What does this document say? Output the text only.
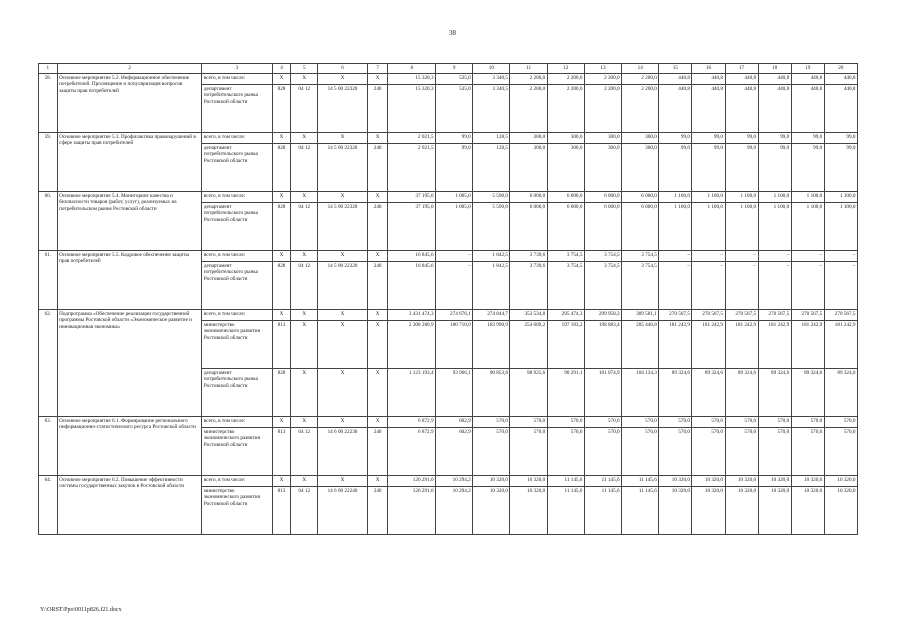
38
1	2	3	4	5	6	7	8	9	10	11	12	13	14	15	16	17	18	19	20
58.	Основное мероприятие 5.2. Информационное обеспечение потребителей. Просвещение и популяризация вопросов защиты прав потребителей	всего, в том числе:	X	X	X	X	15 320,3	535,0	3 340,5	2 200,0	2 200,0	2 200,0	2 200,0	440,8	440,8	440,8	440,8	440,8	440,8
		департамент потребительского рынка Ростовской области	828	04 12	14 5 00 22320	240	15 320,3	535,0	3 340,5	2 200,0	2 200,0	2 200,0	2 200,0	440,8	440,8	440,8	440,8	440,8	440,8
59.	Основное мероприятие 5.3. Профилактика правонарушений в сфере защиты прав потребителей	всего, в том числе:	X	X	X	X	2 021,5	99,0	128,5	300,0	300,0	300,0	300,0	99,0	99,0	99,0	99,0	99,0	99,0
		департамент потребительского рынка Ростовской области	828	04 12	14 5 00 22320	240	2 021,5	99,0	128,5	300,0	300,0	300,0	300,0	99,0	99,0	99,0	99,0	99,0	99,0
60.	Основное мероприятие 5.4. Мониторинг качества и безопасности товаров (работ, услуг), реализуемых на потребительском рынке Ростовской области	всего, в том числе:	X	X	X	X	37 195,0	1 005,0	5 590,0	6 000,0	6 000,0	6 000,0	6 000,0	1 100,0	1 100,0	1 100,0	1 100,0	1 100,0	1 100,0
		департамент потребительского рынка Ростовской области	828	04 12	14 5 00 22320	240	37 195,0	1 005,0	5 590,0	6 000,0	6 000,0	6 000,0	6 000,0	1 100,0	1 100,0	1 100,0	1 100,0	1 100,0	1 100,0
61.	Основное мероприятие 5.5. Кадровое обеспечение защиты прав потребителей	всего, в том числе:	X	X	X	X	16 845,6	–	1 842,5	3 739,6	3 754,5	3 754,5	3 754,5	–	–	–	–	–	–
		департамент потребительского рынка Ростовской области	828	04 12	14 5 00 22320	240	16 845,6	–	1 842,5	3 739,6	3 754,5	3 754,5	3 754,5	–	–	–	–	–	–
62.	Подпрограмма «Обеспечение реализации государственной программы Ростовской области «Экономическое развитие и инновационная экономика»	всего, в том числе:	X	X	X	X	3 431 474,3	274 676,1	274 844,7	353 534,8	295 474,3	299 958,3	309 581,1	270 567,5	270 567,5	270 567,5	270 567,5	270 567,5	270 567,5
		министерство экономического развития Ростовской области	813	X	X	X	2 308 280,9	180 710,0	183 990,9	254 609,2	197 183,2	198 883,4	205 446,8	181 242,9	181 242,9	181 242,9	181 242,9	181 242,9	181 242,9
		департамент потребительского рынка Ростовской области	828	X	X	X	1 123 193,4	93 966,1	90 853,8	98 925,6	98 291,1	101 074,9	104 134,3	89 324,6	89 324,6	89 324,6	89 324,6	89 324,6	89 324,6
63.	Основное мероприятие 6.1. Формирование регионального информационно-статистического ресурса Ростовской области	всего, в том числе:	X	X	X	X	6 872,9	602,9	570,0	570,0	570,0	570,0	570,0	570,0	570,0	570,0	570,0	570,0	570,0
		министерство экономического развития Ростовской области	813	04 12	14 6 00 22230	240	6 872,9	602,9	570,0	570,0	570,0	570,0	570,0	570,0	570,0	570,0	570,0	570,0	570,0
64.	Основное мероприятие 6.2. Повышение эффективности системы государственных закупок в Ростовской области	всего, в том числе:	X	X	X	X	126 291,0	10 294,2	10 320,0	10 320,0	11 145,6	11 145,6	11 145,6	10 320,0	10 320,0	10 320,0	10 320,0	10 320,0	10 320,0
		министерство экономического развития Ростовской области	813	04 12	14 6 00 22240	240	126 291,0	10 294,2	10 320,0	10 320,0	11 145,6	11 145,6	11 145,6	10 320,0	10 320,0	10 320,0	10 320,0	10 320,0	10 320,0
Y:\ORST\Ppo\0011p826.f21.docx
